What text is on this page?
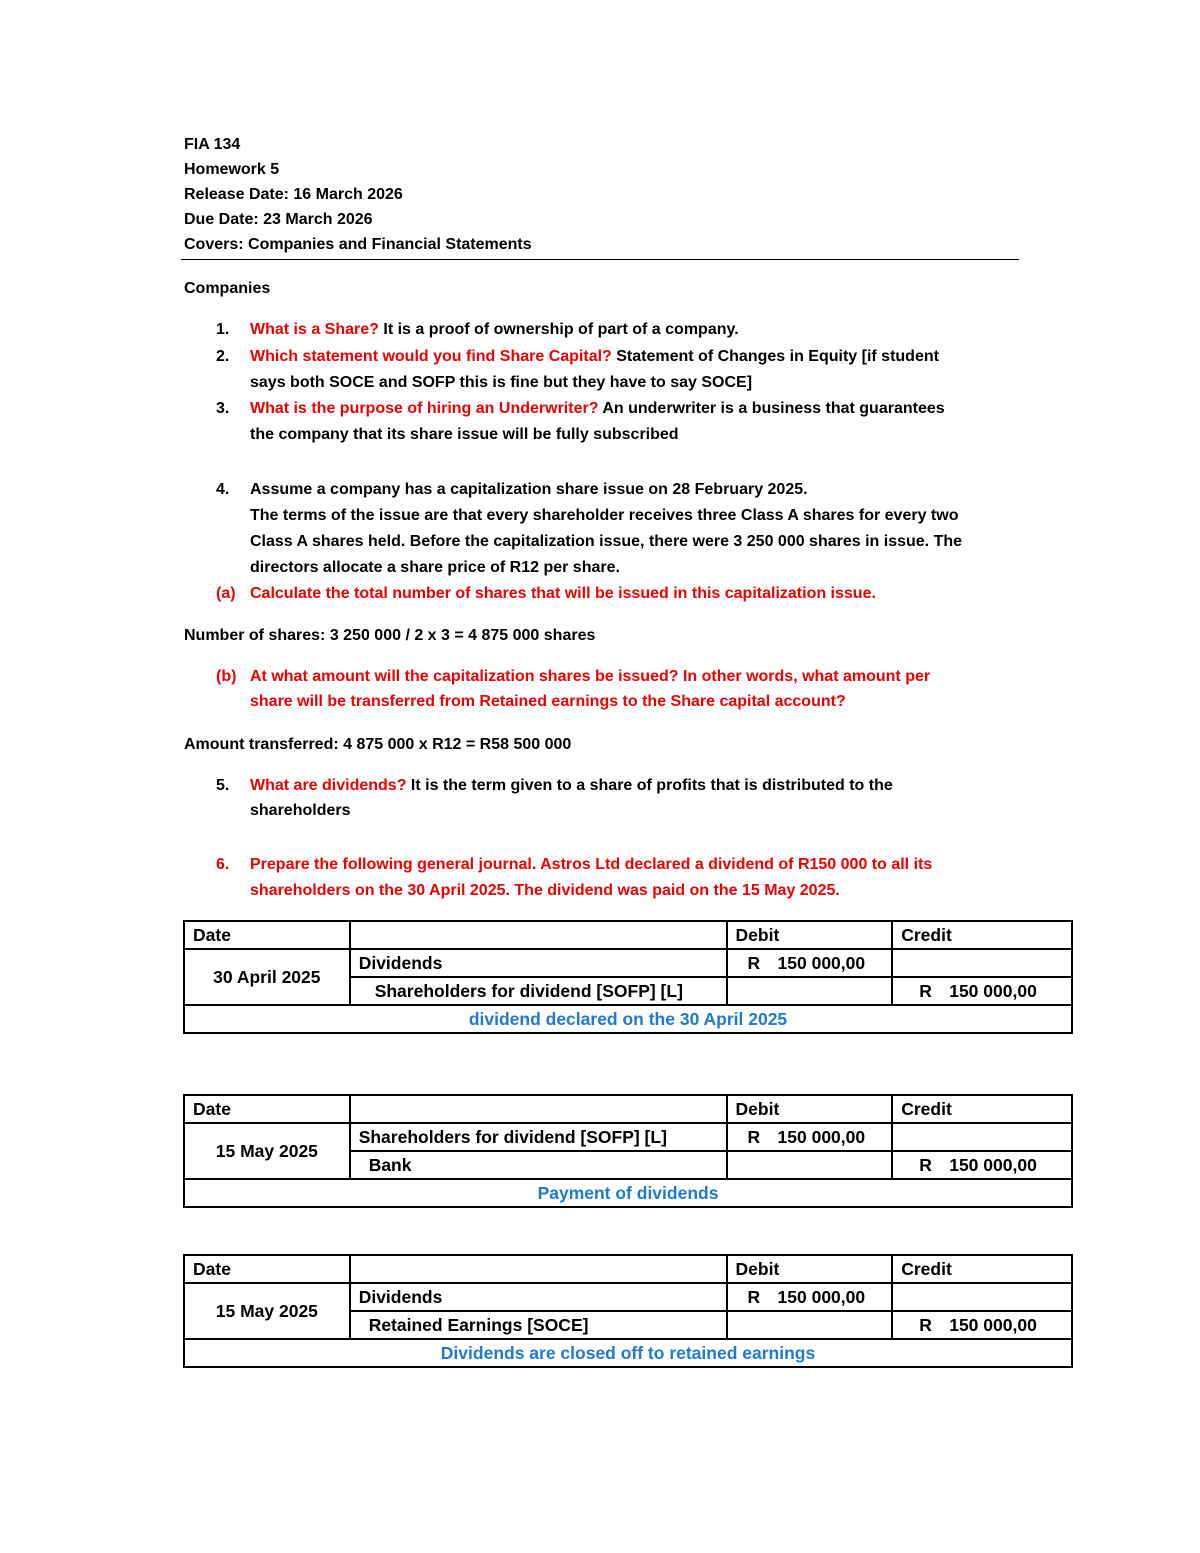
FIA 134
Homework 5
Release Date: 16 March 2026
Due Date: 23 March 2026
Covers: Companies and Financial Statements
Companies
1. What is a Share? It is a proof of ownership of part of a company.
2. Which statement would you find Share Capital? Statement of Changes in Equity [if student
says both SOCE and SOFP this is fine but they have to say SOCE]
3. What is the purpose of hiring an Underwriter? An underwriter is a business that guarantees
the company that its share issue will be fully subscribed
4. Assume a company has a capitalization share issue on 28 February 2025.
The terms of the issue are that every shareholder receives three Class A shares for every two
Class A shares held. Before the capitalization issue, there were 3 250 000 shares in issue. The
directors allocate a share price of R12 per share.
(a) Calculate the total number of shares that will be issued in this capitalization issue.
Number of shares: 3 250 000 / 2 x 3 = 4 875 000 shares
(b) At what amount will the capitalization shares be issued? In other words, what amount per
share will be transferred from Retained earnings to the Share capital account?
Amount transferred: 4 875 000 x R12 = R58 500 000
5. What are dividends? It is the term given to a share of profits that is distributed to the
shareholders
6. Prepare the following general journal. Astros Ltd declared a dividend of R150 000 to all its
shareholders on the 30 April 2025. The dividend was paid on the 15 May 2025.
Date		Debit	Credit
30 April 2025	Dividends	R 150 000,00	
	Shareholders for dividend [SOFP] [L]		R 150 000,00
dividend declared on the 30 April 2025			
Date		Debit	Credit
15 May 2025	Shareholders for dividend [SOFP] [L]	R 150 000,00	
	Bank		R 150 000,00
Payment of dividends			
Date		Debit	Credit
15 May 2025	Dividends	R 150 000,00	
	Retained Earnings [SOCE]		R 150 000,00
Dividends are closed off to retained earnings			
